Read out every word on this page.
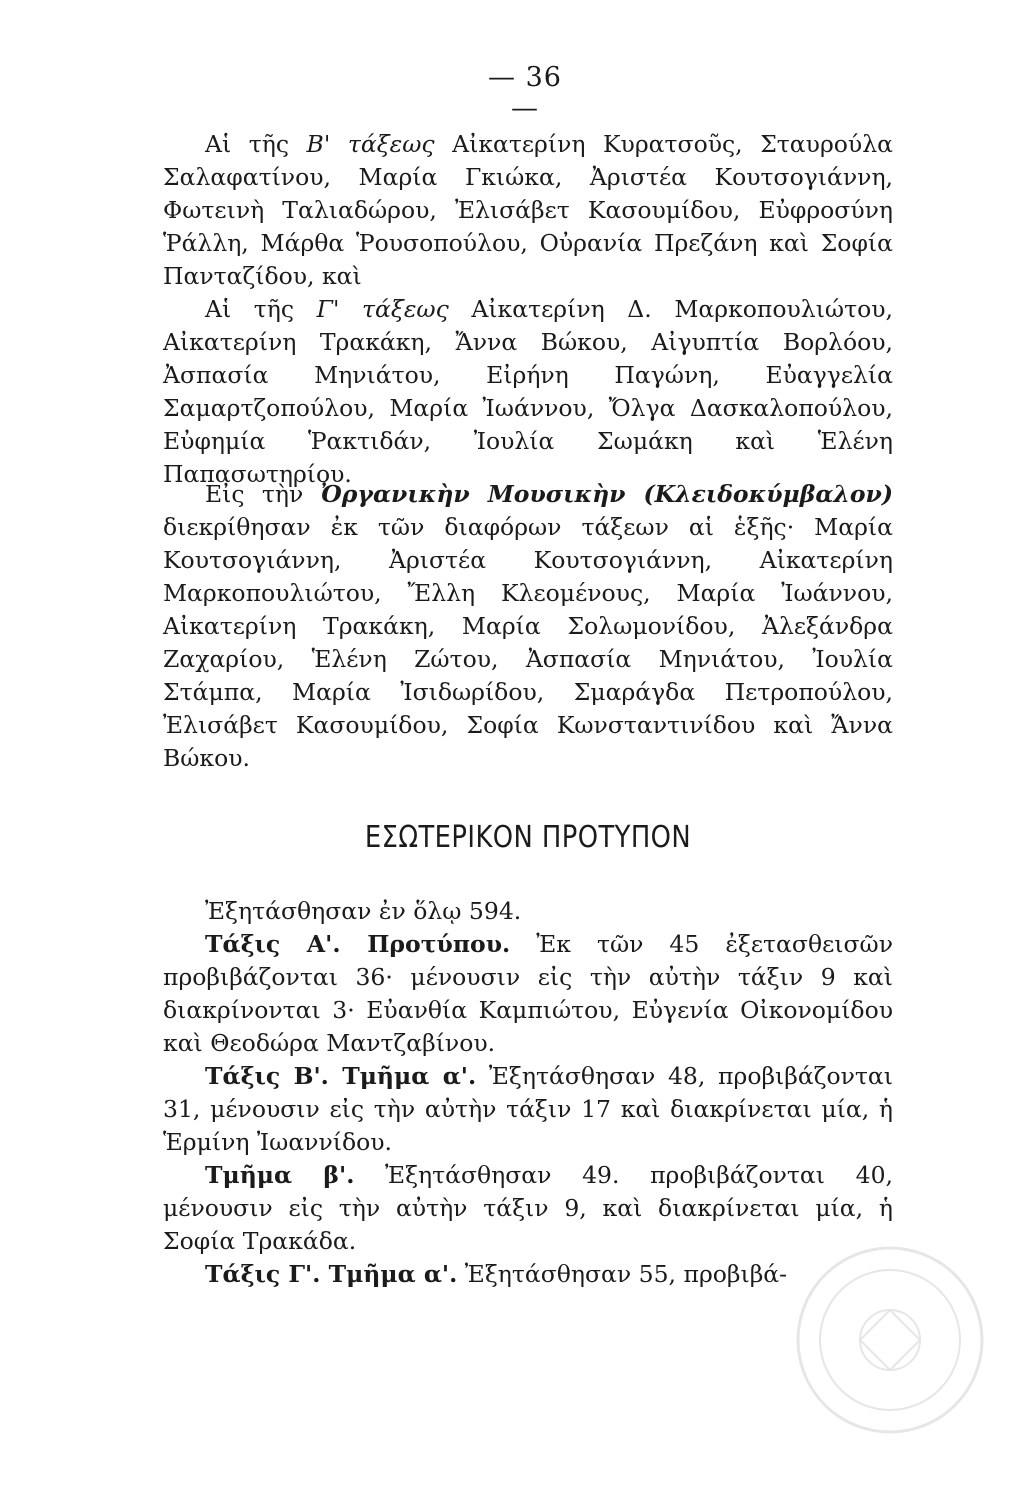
— 36 —

Αἱ τῆς Β' τάξεως Αἰκατερίνη Κυρατσοῦς, Σταυρούλα Σαλαφατίνου, Μαρία Γκιώκα, Ἀριστέα Κουτσογιάννη, Φωτεινὴ Ταλιαδώρου, Ἐλισάβετ Κασουμίδου, Εὐφροσύνη Ῥάλλη, Μάρθα Ῥουσοπούλου, Οὐρανία Πρεζάνη καὶ Σοφία Πανταζίδου, καὶ

Αἱ τῆς Γ' τάξεως Αἰκατερίνη Δ. Μαρκοπουλιώτου, Αἰκατερίνη Τρακάκη, Ἄννα Βώκου, Αἰγυπτία Βορλόου, Ἀσπασία Μηνιάτου, Εἰρήνη Παγώνη, Εὐαγγελία Σαμαρτζοπούλου, Μαρία Ἰωάννου, Ὄλγα Δασκαλοπούλου, Εὐφημία Ῥακτιδάν, Ἰουλία Σωμάκη καὶ Ἑλένη Παπασωτηρίου.

Εἰς τὴν Ὀργανικὴν Μουσικὴν (Κλειδοκύμβαλον) διεκρίθησαν ἐκ τῶν διαφόρων τάξεων αἱ ἑξῆς· Μαρία Κουτσογιάννη, Ἀριστέα Κουτσογιάννη, Αἰκατερίνη Μαρκοπουλιώτου, Ἔλλη Κλεομένους, Μαρία Ἰωάννου, Αἰκατερίνη Τρακάκη, Μαρία Σολωμονίδου, Ἀλεξάνδρα Ζαχαρίου, Ἑλένη Ζώτου, Ἀσπασία Μηνιάτου, Ἰουλία Στάμπα, Μαρία Ἰσιδωρίδου, Σμαράγδα Πετροπούλου, Ἐλισάβετ Κασουμίδου, Σοφία Κωνσταντινίδου καὶ Ἄννα Βώκου.

ΕΣΩΤΕΡΙΚΟΝ ΠΡΟΤΥΠΟΝ

Ἐξητάσθησαν ἐν ὅλῳ 594.

Τάξις Α'. Προτύπου. Ἐκ τῶν 45 ἐξετασθεισῶν προβιβάζονται 36· μένουσιν εἰς τὴν αὐτὴν τάξιν 9 καὶ διακρίνονται 3· Εὐανθία Καμπιώτου, Εὐγενία Οἰκονομίδου καὶ Θεοδώρα Μαντζαβίνου.

Τάξις Β'. Τμῆμα α'. Ἐξητάσθησαν 48, προβιβάζονται 31, μένουσιν εἰς τὴν αὐτὴν τάξιν 17 καὶ διακρίνεται μία, ἡ Ἑρμίνη Ἰωαννίδου.

Τμῆμα β'. Ἐξητάσθησαν 49. προβιβάζονται 40, μένουσιν εἰς τὴν αὐτὴν τάξιν 9, καὶ διακρίνεται μία, ἡ Σοφία Τρακάδα.

Τάξις Γ'. Τμῆμα α'. Ἐξητάσθησαν 55, προβιβά-
